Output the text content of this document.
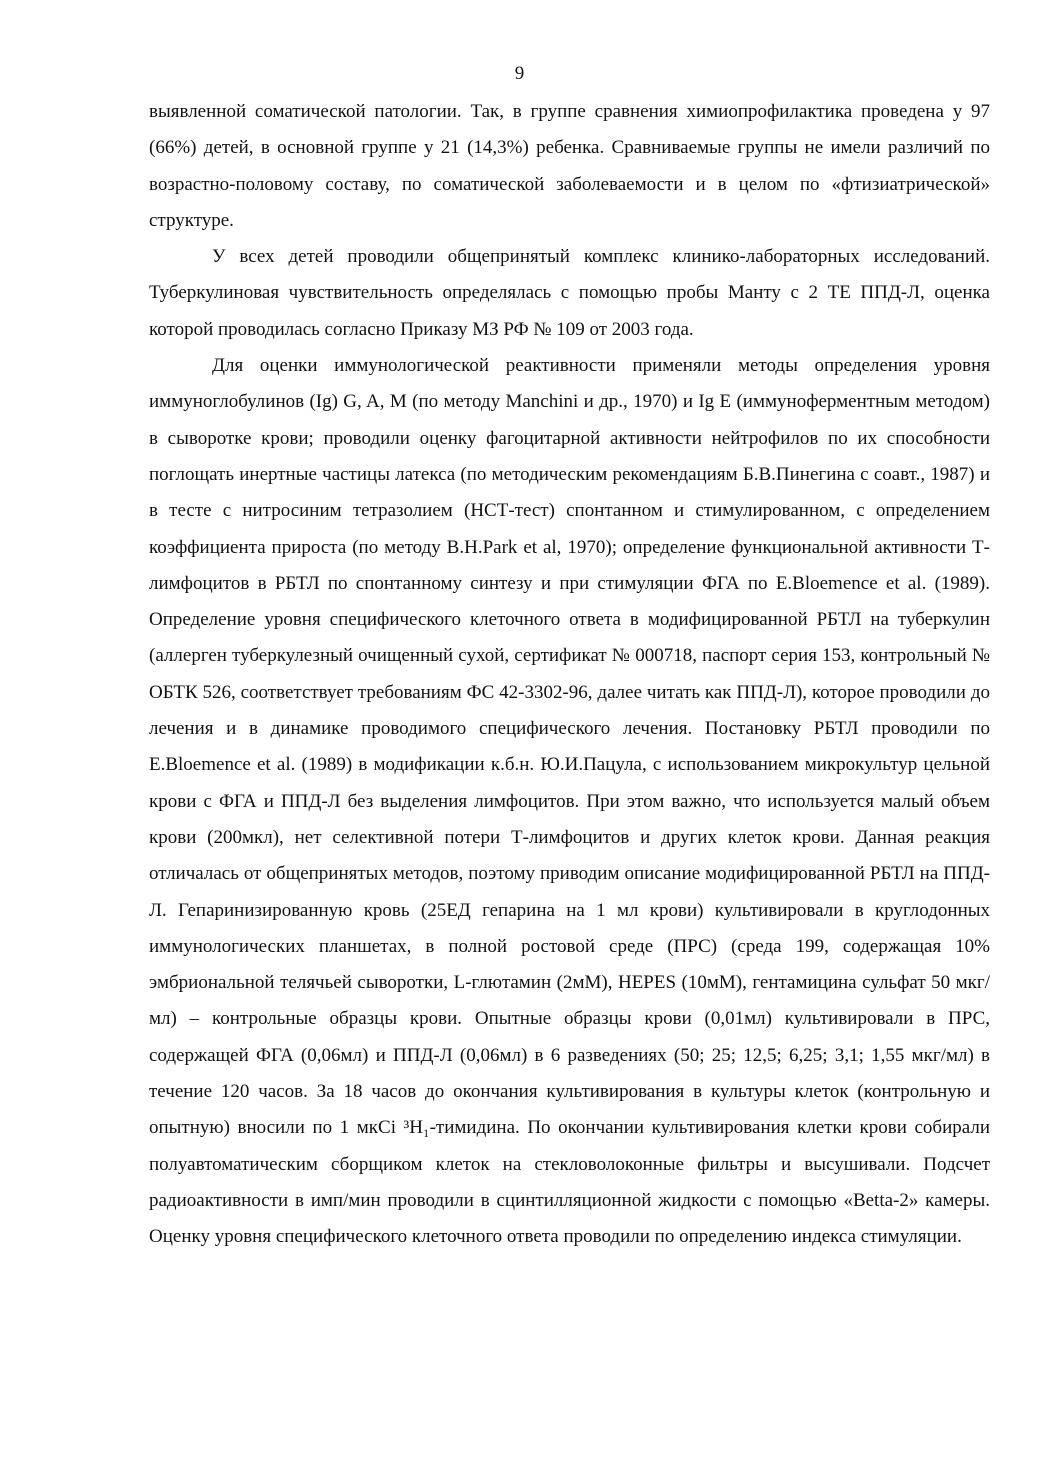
9

выявленной соматической патологии. Так, в группе сравнения химиопрофилактика проведена у 97 (66%) детей, в основной группе у 21 (14,3%) ребенка. Сравниваемые группы не имели различий по возрастно-половому составу, по соматической заболеваемости и в целом по «фтизиатрической» структуре.

У всех детей проводили общепринятый комплекс клинико-лабораторных исследований. Туберкулиновая чувствительность определялась с помощью пробы Манту с 2 ТЕ ППД-Л, оценка которой проводилась согласно Приказу МЗ РФ № 109 от 2003 года.

Для оценки иммунологической реактивности применяли методы определения уровня иммуноглобулинов (Ig) G, A, M (по методу Manchini и др., 1970) и Ig E (иммуноферментным методом) в сыворотке крови; проводили оценку фагоцитарной активности нейтрофилов по их способности поглощать инертные частицы латекса (по методическим рекомендациям Б.В.Пинегина с соавт., 1987) и в тесте с нитросиним тетразолием (НСТ-тест) спонтанном и стимулированном, с определением коэффициента прироста (по методу B.H.Park et al, 1970); определение функциональной активности Т-лимфоцитов в РБТЛ по спонтанному синтезу и при стимуляции ФГА по E.Bloemence et al. (1989). Определение уровня специфического клеточного ответа в модифицированной РБТЛ на туберкулин (аллерген туберкулезный очищенный сухой, сертификат № 000718, паспорт серия 153, контрольный № ОБТК 526, соответствует требованиям ФС 42-3302-96, далее читать как ППД-Л), которое проводили до лечения и в динамике проводимого специфического лечения. Постановку РБТЛ проводили по E.Bloemence et al. (1989) в модификации к.б.н. Ю.И.Пацула, с использованием микрокультур цельной крови с ФГА и ППД-Л без выделения лимфоцитов. При этом важно, что используется малый объем крови (200мкл), нет селективной потери Т-лимфоцитов и других клеток крови. Данная реакция отличалась от общепринятых методов, поэтому приводим описание модифицированной РБТЛ на ППД-Л. Гепаринизированную кровь (25ЕД гепарина на 1 мл крови) культивировали в круглодонных иммунологических планшетах, в полной ростовой среде (ПРС) (среда 199, содержащая 10% эмбриональной телячьей сыворотки, L-глютамин (2мМ), HEPES (10мМ), гентамицина сульфат 50 мкг/мл) – контрольные образцы крови. Опытные образцы крови (0,01мл) культивировали в ПРС, содержащей ФГА (0,06мл) и ППД-Л (0,06мл) в 6 разведениях (50; 25; 12,5; 6,25; 3,1; 1,55 мкг/мл) в течение 120 часов. За 18 часов до окончания культивирования в культуры клеток (контрольную и опытную) вносили по 1 мкCi ³H₁-тимидина. По окончании культивирования клетки крови собирали полуавтоматическим сборщиком клеток на стекловолоконные фильтры и высушивали. Подсчет радиоактивности в имп/мин проводили в сцинтилляционной жидкости с помощью «Betta-2» камеры. Оценку уровня специфического клеточного ответа проводили по определению индекса стимуляции.
